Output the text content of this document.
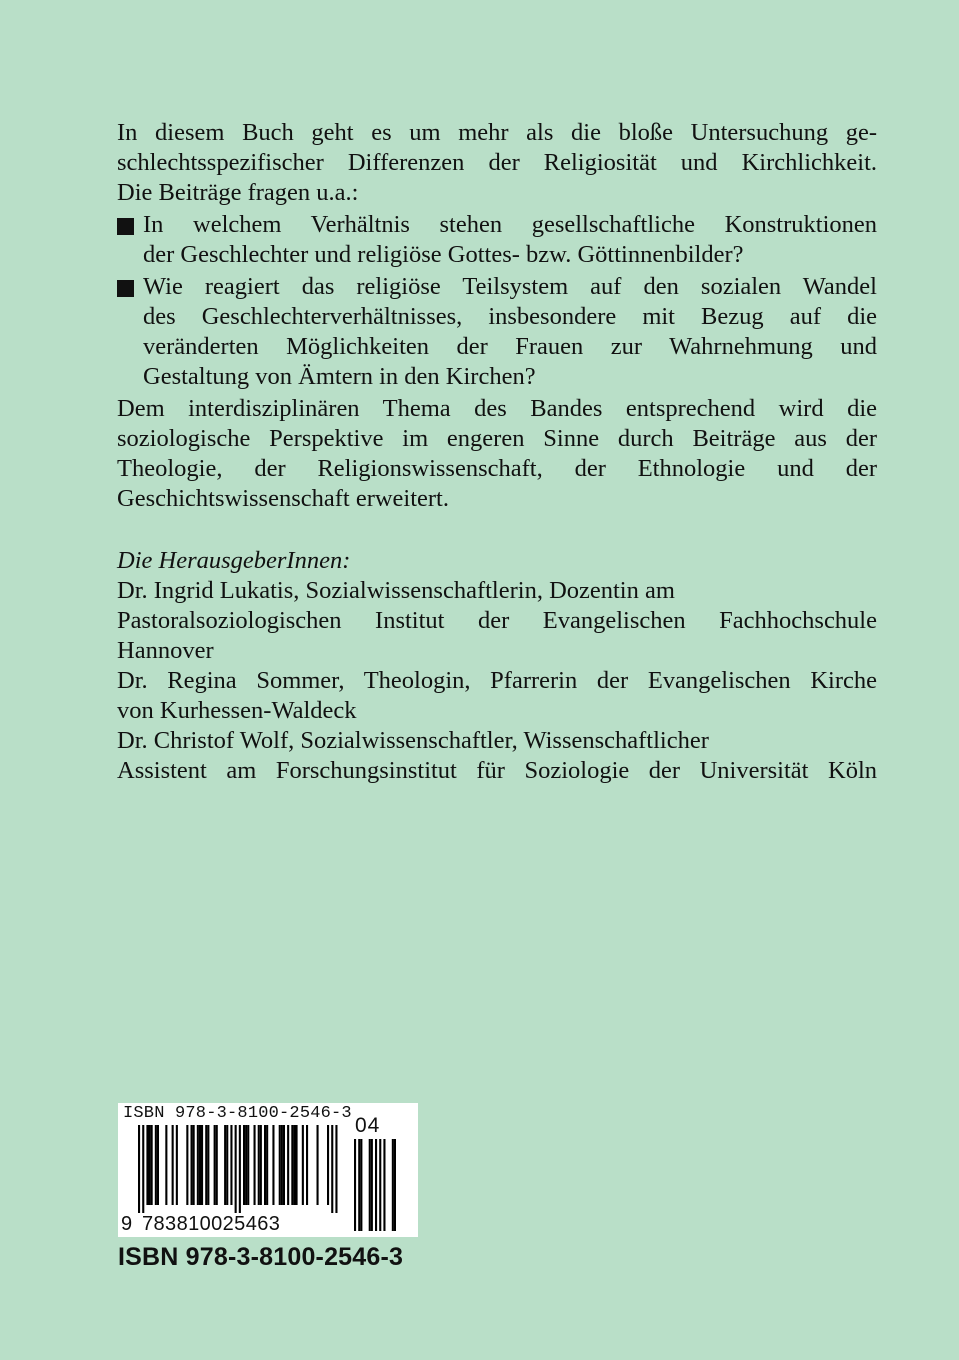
In diesem Buch geht es um mehr als die bloße Untersuchung ge-
schlechtsspezifischer Differenzen der Religiosität und Kirchlichkeit.
Die Beiträge fragen u.a.:

In welchem Verhältnis stehen gesellschaftliche Konstruktionen
der Geschlechter und religiöse Gottes- bzw. Göttinnenbilder?

Wie reagiert das religiöse Teilsystem auf den sozialen Wandel
des Geschlechterverhältnisses, insbesondere mit Bezug auf die
veränderten Möglichkeiten der Frauen zur Wahrnehmung und
Gestaltung von Ämtern in den Kirchen?

Dem interdisziplinären Thema des Bandes entsprechend wird die
soziologische Perspektive im engeren Sinne durch Beiträge aus der
Theologie, der Religionswissenschaft, der Ethnologie und der
Geschichtswissenschaft erweitert.

Die HerausgeberInnen:

Dr. Ingrid Lukatis, Sozialwissenschaftlerin, Dozentin am
Pastoralsoziologischen Institut der Evangelischen Fachhochschule
Hannover

Dr. Regina Sommer, Theologin, Pfarrerin der Evangelischen Kirche
von Kurhessen-Waldeck

Dr. Christof Wolf, Sozialwissenschaftler, Wissenschaftlicher
Assistent am Forschungsinstitut für Soziologie der Universität Köln

ISBN 978-3-8100-2546-3
9 783810025463
04
ISBN 978-3-8100-2546-3
